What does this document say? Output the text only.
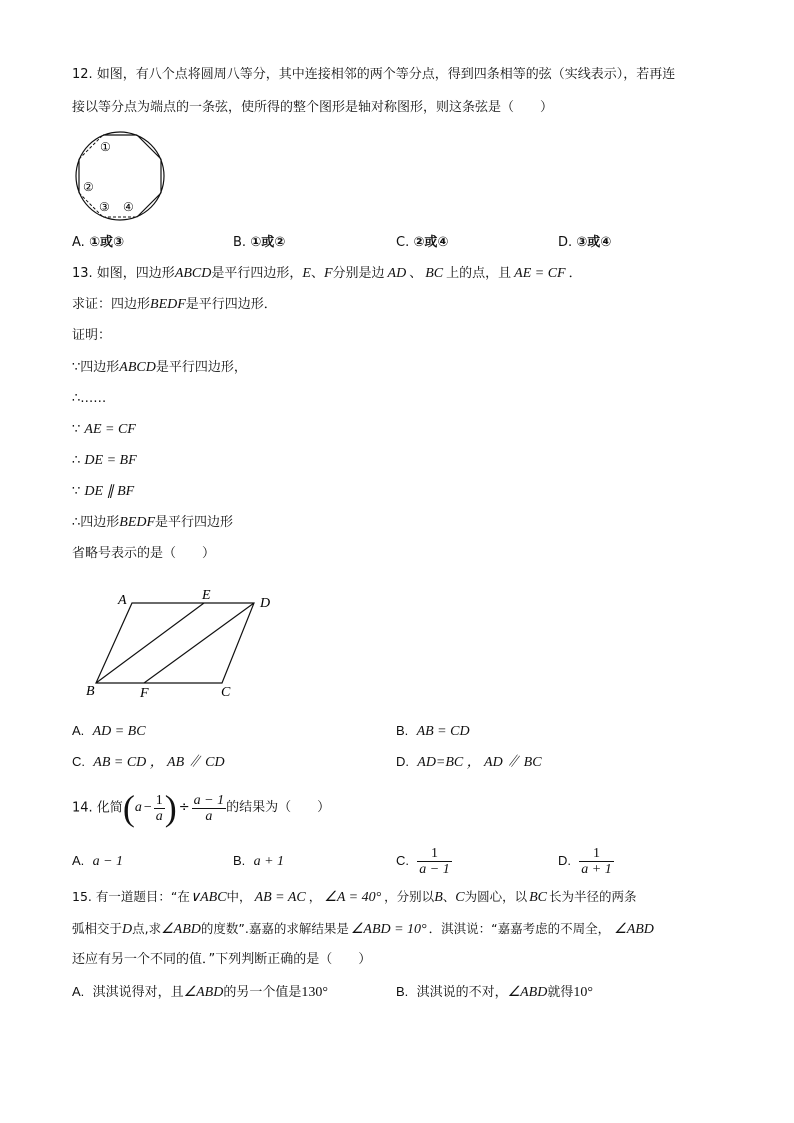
12. 如图，有八个点将圆周八等分，其中连接相邻的两个等分点，得到四条相等的弦（实线表示），若再连
接以等分点为端点的一条弦，使所得的整个图形是轴对称图形，则这条弦是（　　）
①
②
③ ④
A. ①或③	B. ①或②	C. ②或④	D. ③或④
13. 如图，四边形ABCD是平行四边形，E、F分别是边 AD 、 BC 上的点，且 AE = CF ．
求证：四边形BEDF是平行四边形．
证明：
∵四边形ABCD是平行四边形，
∴……
∵ AE = CF
∴ DE = BF
∵ DE ∥ BF
∴四边形BEDF是平行四边形
省略号表示的是（　　）
A	E
D
B	F	C
A. AD = BC	B. AB = CD
C. AB = CD ， AB ∥ CD	D. AD=BC ， AD ∥ BC
14. 化简($a - \frac{1}{a}$ ) ÷ $\frac{a - 1}{a}$ 的结果为（　　）
A. a − 1	B. a + 1	C. $\frac{1}{a - 1}$	D. $\frac{1}{a + 1}$
15. 有一道题目：“在∨ABC中， AB = AC ， ∠A = 40° ，分别以B、C为圆心，以 BC 长为半径的两条
弧相交于D点,求∠ABD的度数”.嘉嘉的求解结果是 ∠ABD = 10° ．淇淇说：“嘉嘉考虑的不周全， ∠ABD
还应有另一个不同的值．”下列判断正确的是（　　）
A. 淇淇说得对，且∠ABD的另一个值是130°	B. 淇淇说的不对，∠ABD就得10°
